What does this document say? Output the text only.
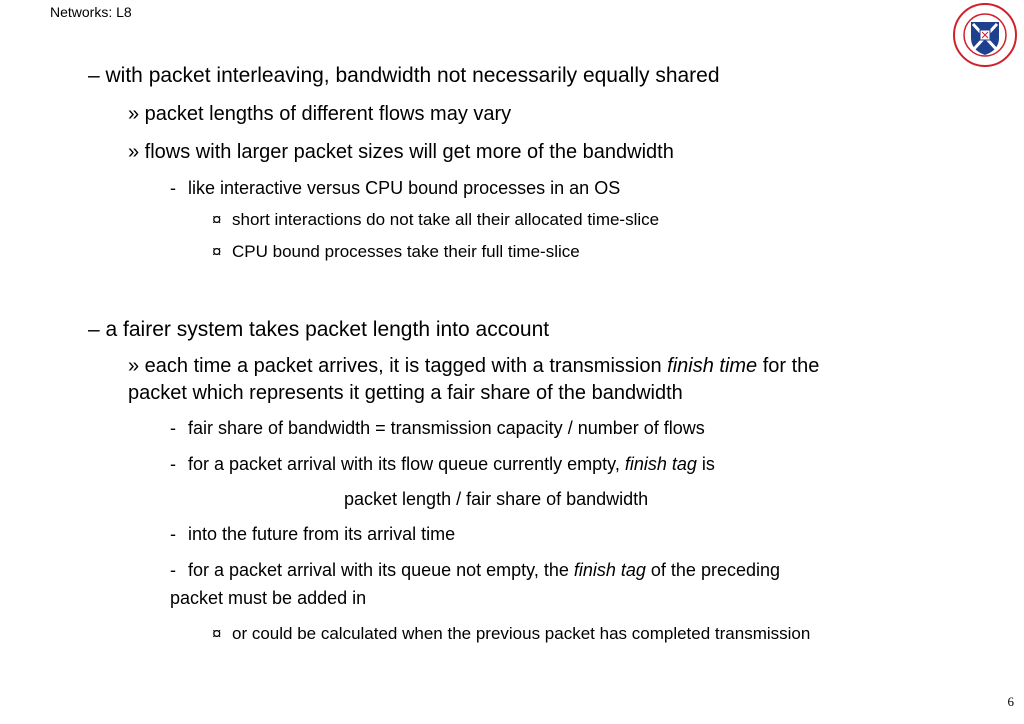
Networks: L8
– with packet interleaving, bandwidth not necessarily equally shared
» packet lengths of different flows may vary
» flows with larger packet sizes will get more of the bandwidth
- like interactive versus CPU bound processes in an OS
¤ short interactions do not take all their allocated time-slice
¤ CPU bound processes take their full time-slice
– a fairer system takes packet length into account
» each time a packet arrives, it is tagged with a transmission finish time for the
packet which represents it getting a fair share of the bandwidth
- fair share of bandwidth = transmission capacity / number of flows
- for a packet arrival with its flow queue currently empty, finish tag is
packet length / fair share of bandwidth
- into the future from its arrival time
- for a packet arrival with its queue not empty, the finish tag of the preceding
packet must be added in
¤ or could be calculated when the previous packet has completed transmission
6
